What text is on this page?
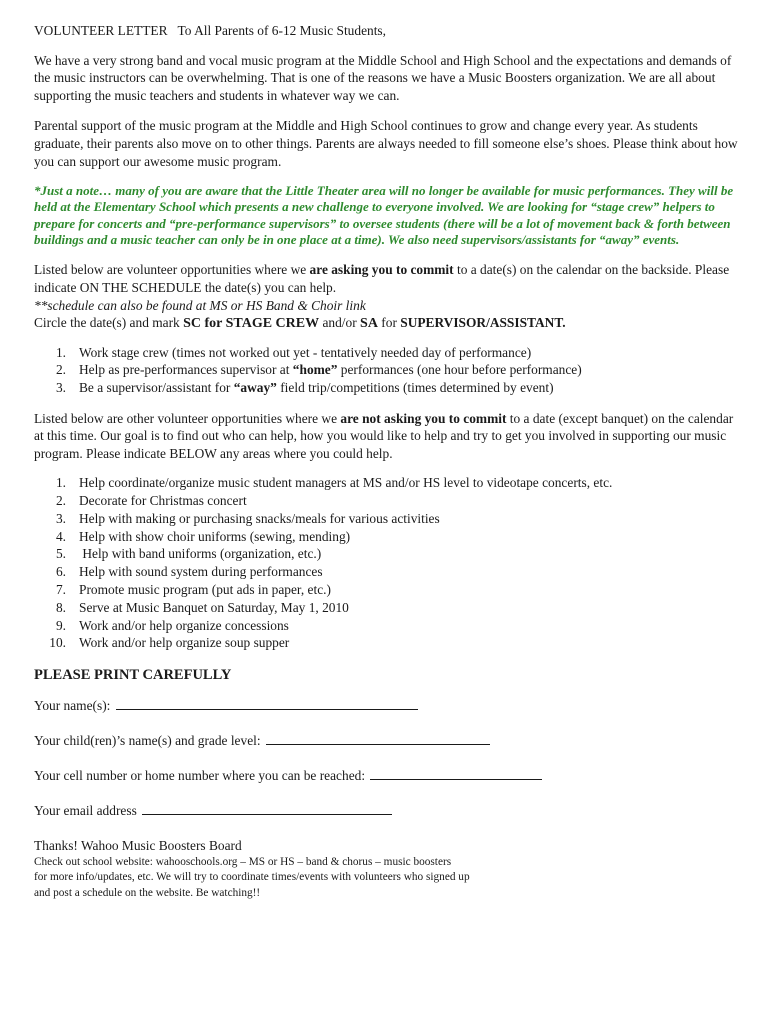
VOLUNTEER LETTER To All Parents of 6-12 Music Students,

We have a very strong band and vocal music program at the Middle School and High School and the expectations and demands of the music instructors can be overwhelming. That is one of the reasons we have a Music Boosters organization. We are all about supporting the music teachers and students in whatever way we can.

Parental support of the music program at the Middle and High School continues to grow and change every year. As students graduate, their parents also move on to other things. Parents are always needed to fill someone else’s shoes. Please think about how you can support our awesome music program.

*Just a note… many of you are aware that the Little Theater area will no longer be available for music performances. They will be held at the Elementary School which presents a new challenge to everyone involved. We are looking for “stage crew” helpers to prepare for concerts and “pre-performance supervisors” to oversee students (there will be a lot of movement back & forth between buildings and a music teacher can only be in one place at a time). We also need supervisors/assistants for “away” events.

Listed below are volunteer opportunities where we are asking you to commit to a date(s) on the calendar on the backside. Please indicate ON THE SCHEDULE the date(s) you can help.

**schedule can also be found at MS or HS Band & Choir link

Circle the date(s) and mark SC for STAGE CREW and/or SA for SUPERVISOR/ASSISTANT.

1. Work stage crew (times not worked out yet - tentatively needed day of performance)
2. Help as pre-performances supervisor at “home” performances (one hour before performance)
3. Be a supervisor/assistant for “away” field trip/competitions (times determined by event)

Listed below are other volunteer opportunities where we are not asking you to commit to a date (except banquet) on the calendar at this time. Our goal is to find out who can help, how you would like to help and try to get you involved in supporting our music program. Please indicate BELOW any areas where you could help.

1. Help coordinate/organize music student managers at MS and/or HS level to videotape concerts, etc.
2. Decorate for Christmas concert
3. Help with making or purchasing snacks/meals for various activities
4. Help with show choir uniforms (sewing, mending)
5. Help with band uniforms (organization, etc.)
6. Help with sound system during performances
7. Promote music program (put ads in paper, etc.)
8. Serve at Music Banquet on Saturday, May 1, 2010
9. Work and/or help organize concessions
10. Work and/or help organize soup supper

PLEASE PRINT CAREFULLY

Your name(s):

Your child(ren)’s name(s) and grade level:

Your cell number or home number where you can be reached:

Your email address

Thanks! Wahoo Music Boosters Board

Check out school website: wahooschools.org – MS or HS – band & chorus – music boosters

for more info/updates, etc. We will try to coordinate times/events with volunteers who signed up

and post a schedule on the website. Be watching!!
